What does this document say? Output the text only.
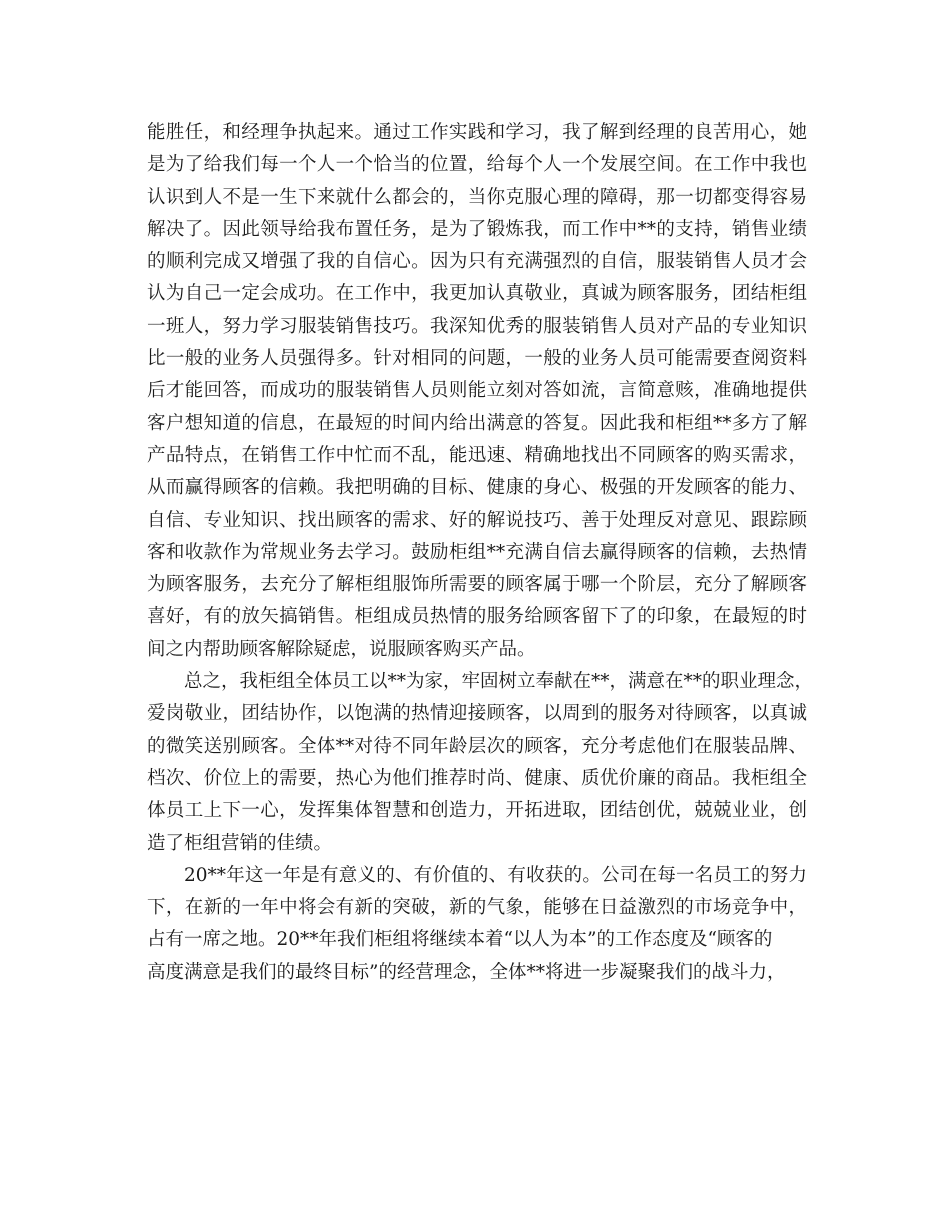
能胜任，和经理争执起来。通过工作实践和学习，我了解到经理的良苦用心，她
是为了给我们每一个人一个恰当的位置，给每个人一个发展空间。在工作中我也
认识到人不是一生下来就什么都会的，当你克服心理的障碍，那一切都变得容易
解决了。因此领导给我布置任务，是为了锻炼我，而工作中**的支持，销售业绩
的顺利完成又增强了我的自信心。因为只有充满强烈的自信，服装销售人员才会
认为自己一定会成功。在工作中，我更加认真敬业，真诚为顾客服务，团结柜组
一班人，努力学习服装销售技巧。我深知优秀的服装销售人员对产品的专业知识
比一般的业务人员强得多。针对相同的问题，一般的业务人员可能需要查阅资料
后才能回答，而成功的服装销售人员则能立刻对答如流，言简意赅，准确地提供
客户想知道的信息，在最短的时间内给出满意的答复。因此我和柜组**多方了解
产品特点，在销售工作中忙而不乱，能迅速、精确地找出不同顾客的购买需求，
从而赢得顾客的信赖。我把明确的目标、健康的身心、极强的开发顾客的能力、
自信、专业知识、找出顾客的需求、好的解说技巧、善于处理反对意见、跟踪顾
客和收款作为常规业务去学习。鼓励柜组**充满自信去赢得顾客的信赖，去热情
为顾客服务，去充分了解柜组服饰所需要的顾客属于哪一个阶层，充分了解顾客
喜好，有的放矢搞销售。柜组成员热情的服务给顾客留下了的印象，在最短的时
间之内帮助顾客解除疑虑，说服顾客购买产品。
总之，我柜组全体员工以**为家，牢固树立奉献在**，满意在**的职业理念，
爱岗敬业，团结协作，以饱满的热情迎接顾客，以周到的服务对待顾客，以真诚
的微笑送别顾客。全体**对待不同年龄层次的顾客，充分考虑他们在服装品牌、
档次、价位上的需要，热心为他们推荐时尚、健康、质优价廉的商品。我柜组全
体员工上下一心，发挥集体智慧和创造力，开拓进取，团结创优，兢兢业业，创
造了柜组营销的佳绩。
20**年这一年是有意义的、有价值的、有收获的。公司在每一名员工的努力
下，在新的一年中将会有新的突破，新的气象，能够在日益激烈的市场竞争中，
占有一席之地。20**年我们柜组将继续本着“以人为本”的工作态度及“顾客的
高度满意是我们的最终目标”的经营理念，全体**将进一步凝聚我们的战斗力，
